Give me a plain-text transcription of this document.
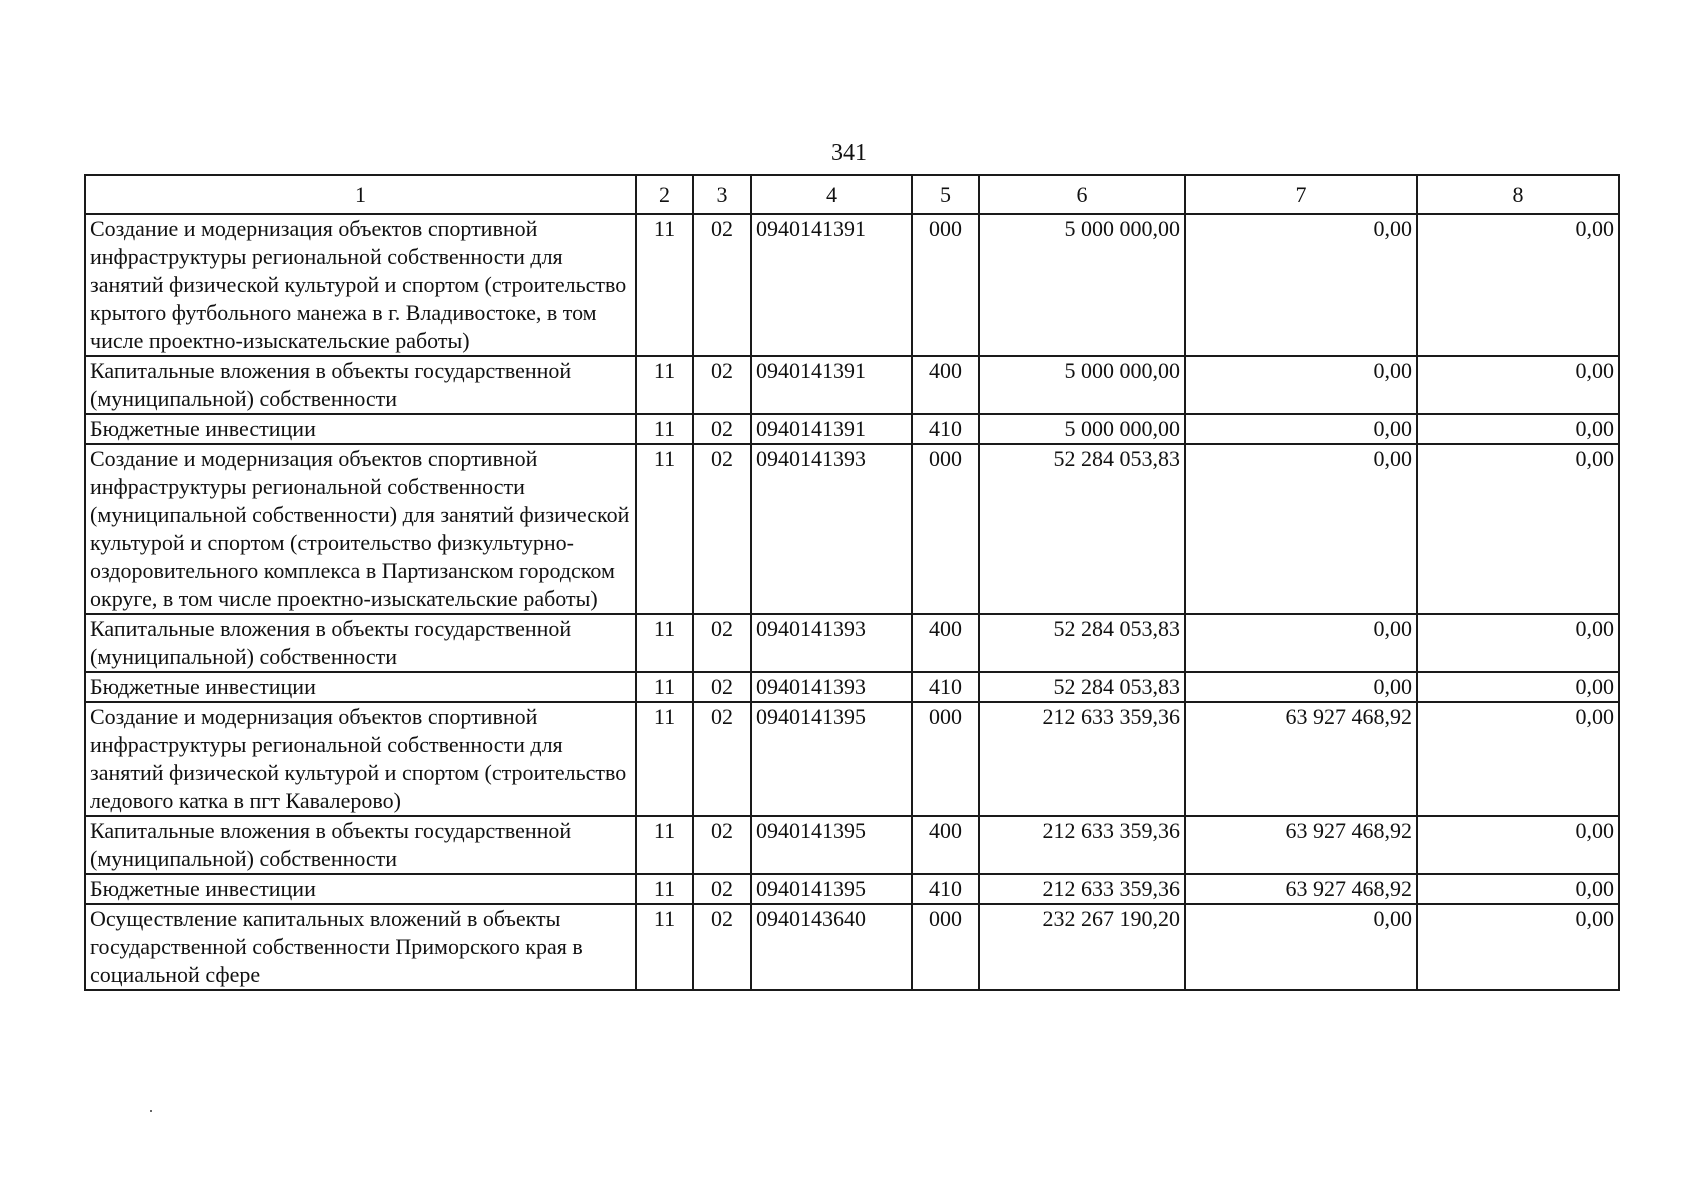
341
1	2	3	4	5	6	7	8
Создание и модернизация объектов спортивной инфраструктуры региональной собственности для занятий физической культурой и спортом (строительство крытого футбольного манежа в г. Владивостоке, в том числе проектно-изыскательские работы)	11	02	0940141391	000	5 000 000,00	0,00	0,00
Капитальные вложения в объекты государственной (муниципальной) собственности	11	02	0940141391	400	5 000 000,00	0,00	0,00
Бюджетные инвестиции	11	02	0940141391	410	5 000 000,00	0,00	0,00
Создание и модернизация объектов спортивной инфраструктуры региональной собственности (муниципальной собственности) для занятий физической культурой и спортом (строительство физкультурно-оздоровительного комплекса в Партизанском городском округе, в том числе проектно-изыскательские работы)	11	02	0940141393	000	52 284 053,83	0,00	0,00
Капитальные вложения в объекты государственной (муниципальной) собственности	11	02	0940141393	400	52 284 053,83	0,00	0,00
Бюджетные инвестиции	11	02	0940141393	410	52 284 053,83	0,00	0,00
Создание и модернизация объектов спортивной инфраструктуры региональной собственности для занятий физической культурой и спортом (строительство ледового катка в пгт Кавалерово)	11	02	0940141395	000	212 633 359,36	63 927 468,92	0,00
Капитальные вложения в объекты государственной (муниципальной) собственности	11	02	0940141395	400	212 633 359,36	63 927 468,92	0,00
Бюджетные инвестиции	11	02	0940141395	410	212 633 359,36	63 927 468,92	0,00
Осуществление капитальных вложений в объекты государственной собственности Приморского края в социальной сфере	11	02	0940143640	000	232 267 190,20	0,00	0,00
